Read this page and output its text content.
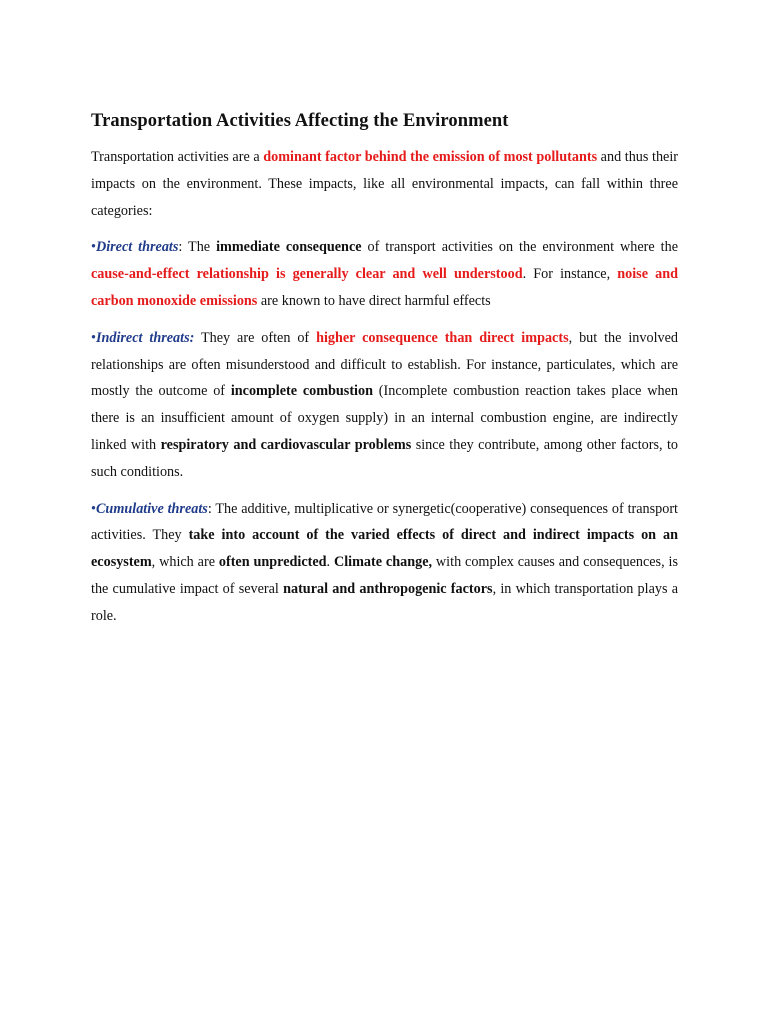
Transportation Activities Affecting the Environment

Transportation activities are a dominant factor behind the emission of most pollutants and thus their impacts on the environment. These impacts, like all environmental impacts, can fall within three categories:

•Direct threats: The immediate consequence of transport activities on the environment where the cause-and-effect relationship is generally clear and well understood. For instance, noise and carbon monoxide emissions are known to have direct harmful effects

•Indirect threats: They are often of higher consequence than direct impacts, but the involved relationships are often misunderstood and difficult to establish. For instance, particulates, which are mostly the outcome of incomplete combustion (Incomplete combustion reaction takes place when there is an insufficient amount of oxygen supply) in an internal combustion engine, are indirectly linked with respiratory and cardiovascular problems since they contribute, among other factors, to such conditions.

•Cumulative threats: The additive, multiplicative or synergetic(cooperative) consequences of transport activities. They take into account of the varied effects of direct and indirect impacts on an ecosystem, which are often unpredicted. Climate change, with complex causes and consequences, is the cumulative impact of several natural and anthropogenic factors, in which transportation plays a role.
